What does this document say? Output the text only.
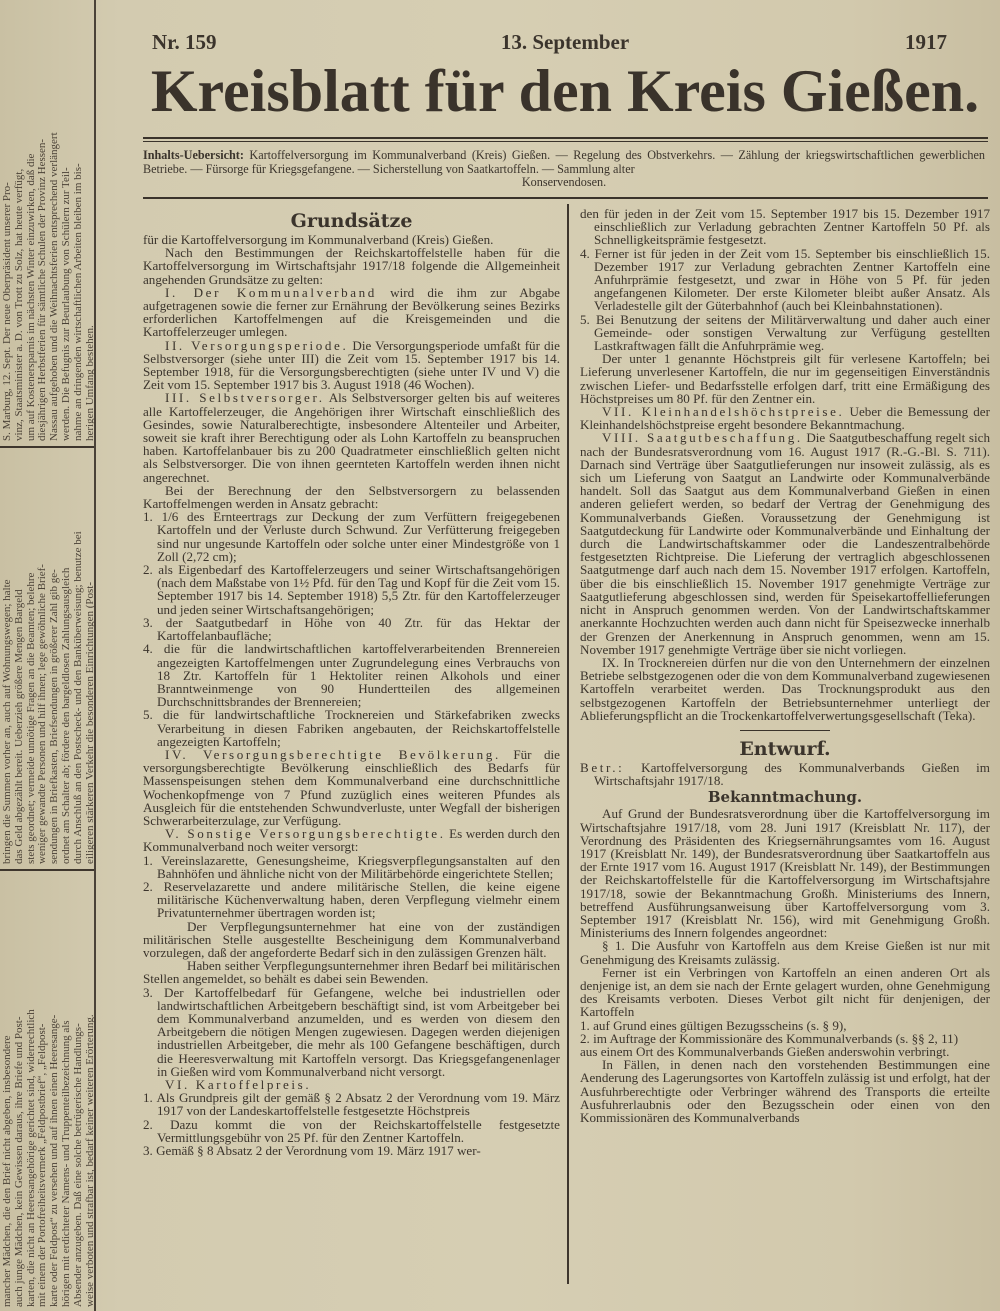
S. Marburg, 12. Sept. Der neue Oberpräsident unserer Pro- vinz, Staatsminister a. D. von Trott zu Solz, hat heute verfügt, um auf Kostenersparnis im nächsten Winter einzuwirken, daß die diesjährigen Herbstferien für sämtliche Schulen der Provinz Hessen- Nassau aufgehoben und die Weihnachtsferien entsprechend verlängert werden. Die Befugnis zur Beurlaubung von Schülern zur Teil- nahme an dringenden wirtschaftlichen Arbeiten bleiben im bis- herigen Umfang bestehen.
bringen die Summen vorher an, auch auf Wohnungswegen; halte das Geld abgezählt bereit. Ueberzieh größere Mengen Bargeld stets geordnet; vermeide unnötige Fragen an die Beamten; belehre weniger gewandte Personen und hilf ihnen; lege gewöhnliche Brief- sendungen in Briefkasten, Briefsendungen in größerer Zahl gib ge- ordnet am Schalter ab; fördere den bargeldlosen Zahlungsausgleich durch Anschluß an den Postscheck- und den Banküberweisung; benutze bei eiligeren stärkeren Verkehr die besonderen Einrichtungen (Post-
mancher Mädchen, die den Brief nicht abgeben, insbesondere auch junge Mädchen, kein Gewissen daraus, ihre Briefe und Post- karten, die nicht an Heeresangehörige gerichtet sind, widerrechtlich mit einem der Portofreiheitsvermerk „Feldpostbrief“, „Feldpost- karte oder Feldpost“ zu versehen und auf ihnen einen Heeresange- hörigen mit erdichteter Namens- und Truppenteilbezeichnung als Absender anzugeben. Daß eine solche betrügerische Handlungs- weise verboten und strafbar ist, bedarf keiner weiteren Erörterung.
Nr. 159	13. September	1917
Kreisblatt für den Kreis Gießen.
Inhalts-Uebersicht: Kartoffelversorgung im Kommunalverband (Kreis) Gießen. — Regelung des Obstverkehrs. — Zählung der kriegswirtschaftlichen gewerblichen Betriebe. — Fürsorge für Kriegsgefangene. — Sicherstellung von Saatkartoffeln. — Sammlung alter
Konservendosen.
Grundsätze

für die Kartoffelversorgung im Kommunalverband (Kreis) Gießen.

Nach den Bestimmungen der Reichskartoffelstelle haben für die Kartoffelversorgung im Wirtschaftsjahr 1917/18 folgende die Allgemeinheit angehenden Grundsätze zu gelten:

I. Der Kommunalverband wird die ihm zur Abgabe aufgetragenen sowie die ferner zur Ernährung der Bevölkerung seines Bezirks erforderlichen Kartoffelmengen auf die Kreisgemeinden und die Kartoffelerzeuger umlegen.

II. Versorgungsperiode. Die Versorgungsperiode umfaßt für die Selbstversorger (siehe unter III) die Zeit vom 15. September 1917 bis 14. September 1918, für die Versorgungsberechtigten (siehe unter IV und V) die Zeit vom 15. September 1917 bis 3. August 1918 (46 Wochen).

III. Selbstversorger. Als Selbstversorger gelten bis auf weiteres alle Kartoffelerzeuger, die Angehörigen ihrer Wirtschaft einschließlich des Gesindes, sowie Naturalberechtigte, insbesondere Altenteiler und Arbeiter, soweit sie kraft ihrer Berechtigung oder als Lohn Kartoffeln zu beanspruchen haben. Kartoffelanbauer bis zu 200 Quadratmeter einschließlich gelten nicht als Selbstversorger. Die von ihnen geernteten Kartoffeln werden ihnen nicht angerechnet.

Bei der Berechnung der den Selbstversorgern zu belassenden Kartoffelmengen werden in Ansatz gebracht:

1. 1/6 des Ernteertrags zur Deckung der zum Verfüttern freigegebenen Kartoffeln und der Verluste durch Schwund. Zur Verfütterung freigegeben sind nur ungesunde Kartoffeln oder solche unter einer Mindestgröße von 1 Zoll (2,72 cm);

2. als Eigenbedarf des Kartoffelerzeugers und seiner Wirtschaftsangehörigen (nach dem Maßstabe von 1½ Pfd. für den Tag und Kopf für die Zeit vom 15. September 1917 bis 14. September 1918) 5,5 Ztr. für den Kartoffelerzeuger und jeden seiner Wirtschaftsangehörigen;

3. der Saatgutbedarf in Höhe von 40 Ztr. für das Hektar der Kartoffelanbaufläche;

4. die für die landwirtschaftlichen kartoffelverarbeitenden Brennereien angezeigten Kartoffelmengen unter Zugrundelegung eines Verbrauchs von 18 Ztr. Kartoffeln für 1 Hektoliter reinen Alkohols und einer Branntweinmenge von 90 Hundertteilen des allgemeinen Durchschnittsbrandes der Brennereien;

5. die für landwirtschaftliche Trocknereien und Stärkefabriken zwecks Verarbeitung in diesen Fabriken angebauten, der Reichskartoffelstelle angezeigten Kartoffeln;

IV. Versorgungsberechtigte Bevölkerung. Für die versorgungsberechtigte Bevölkerung einschließlich des Bedarfs für Massenspeisungen stehen dem Kommunalverband eine durchschnittliche Wochenkopfmenge von 7 Pfund zuzüglich eines weiteren Pfundes als Ausgleich für die entstehenden Schwundverluste, unter Wegfall der bisherigen Schwerarbeiterzulage, zur Verfügung.

V. Sonstige Versorgungsberechtigte. Es werden durch den Kommunalverband noch weiter versorgt:

1. Vereinslazarette, Genesungsheime, Kriegsverpflegungsanstalten auf den Bahnhöfen und ähnliche nicht von der Militärbehörde eingerichtete Stellen;

2. Reservelazarette und andere militärische Stellen, die keine eigene militärische Küchenverwaltung haben, deren Verpflegung vielmehr einem Privatunternehmer übertragen worden ist;

Der Verpflegungsunternehmer hat eine von der zuständigen militärischen Stelle ausgestellte Bescheinigung dem Kommunalverband vorzulegen, daß der angeforderte Bedarf sich in den zulässigen Grenzen hält.

Haben seither Verpflegungsunternehmer ihren Bedarf bei militärischen Stellen angemeldet, so behält es dabei sein Bewenden.

3. Der Kartoffelbedarf für Gefangene, welche bei industriellen oder landwirtschaftlichen Arbeitgebern beschäftigt sind, ist vom Arbeitgeber bei dem Kommunalverband anzumelden, und es werden von diesem den Arbeitgebern die nötigen Mengen zugewiesen. Dagegen werden diejenigen industriellen Arbeitgeber, die mehr als 100 Gefangene beschäftigen, durch die Heeresverwaltung mit Kartoffeln versorgt. Das Kriegsgefangenenlager in Gießen wird vom Kommunalverband nicht versorgt.

VI. Kartoffelpreis.

1. Als Grundpreis gilt der gemäß § 2 Absatz 2 der Verordnung vom 19. März 1917 von der Landeskartoffelstelle festgesetzte Höchstpreis

2. Dazu kommt die von der Reichskartoffelstelle festgesetzte Vermittlungsgebühr von 25 Pf. für den Zentner Kartoffeln.

3. Gemäß § 8 Absatz 2 der Verordnung vom 19. März 1917 wer-

den für jeden in der Zeit vom 15. September 1917 bis 15. Dezember 1917 einschließlich zur Verladung gebrachten Zentner Kartoffeln 50 Pf. als Schnelligkeitsprämie festgesetzt.

4. Ferner ist für jeden in der Zeit vom 15. September bis einschließlich 15. Dezember 1917 zur Verladung gebrachten Zentner Kartoffeln eine Anfuhrprämie festgesetzt, und zwar in Höhe von 5 Pf. für jeden angefangenen Kilometer. Der erste Kilometer bleibt außer Ansatz. Als Verladestelle gilt der Güterbahnhof (auch bei Kleinbahnstationen).

5. Bei Benutzung der seitens der Militärverwaltung und daher auch einer Gemeinde- oder sonstigen Verwaltung zur Verfügung gestellten Lastkraftwagen fällt die Anfuhrprämie weg.

Der unter 1 genannte Höchstpreis gilt für verlesene Kartoffeln; bei Lieferung unverlesener Kartoffeln, die nur im gegenseitigen Einverständnis zwischen Liefer- und Bedarfsstelle erfolgen darf, tritt eine Ermäßigung des Höchstpreises um 80 Pf. für den Zentner ein.

VII. Kleinhandelshöchstpreise. Ueber die Bemessung der Kleinhandelshöchstpreise ergeht besondere Bekanntmachung.

VIII. Saatgutbeschaffung. Die Saatgutbeschaffung regelt sich nach der Bundesratsverordnung vom 16. August 1917 (R.-G.-Bl. S. 711). Darnach sind Verträge über Saatgutlieferungen nur insoweit zulässig, als es sich um Lieferung von Saatgut an Landwirte oder Kommunalverbände handelt. Soll das Saatgut aus dem Kommunalverband Gießen in einen anderen geliefert werden, so bedarf der Vertrag der Genehmigung des Kommunalverbands Gießen. Voraussetzung der Genehmigung ist Saatgutdeckung für Landwirte oder Kommunalverbände und Einhaltung der durch die Landwirtschaftskammer oder die Landeszentralbehörde festgesetzten Richtpreise. Die Lieferung der vertraglich abgeschlossenen Saatgutmenge darf auch nach dem 15. November 1917 erfolgen. Kartoffeln, über die bis einschließlich 15. November 1917 genehmigte Verträge zur Saatgutlieferung abgeschlossen sind, werden für Speisekartoffellieferungen nicht in Anspruch genommen werden. Von der Landwirtschaftskammer anerkannte Hochzuchten werden auch dann nicht für Speisezwecke innerhalb der Grenzen der Anerkennung in Anspruch genommen, wenn am 15. November 1917 genehmigte Verträge über sie nicht vorliegen.

IX. In Trocknereien dürfen nur die von den Unternehmern der einzelnen Betriebe selbstgezogenen oder die von dem Kommunalverband zugewiesenen Kartoffeln verarbeitet werden. Das Trocknungsprodukt aus den selbstgezogenen Kartoffeln der Betriebsunternehmer unterliegt der Ablieferungspflicht an die Trockenkartoffelverwertungsgesellschaft (Teka).

Entwurf.

Betr.: Kartoffelversorgung des Kommunalverbands Gießen im Wirtschaftsjahr 1917/18.

Bekanntmachung.

Auf Grund der Bundesratsverordnung über die Kartoffelversorgung im Wirtschaftsjahre 1917/18, vom 28. Juni 1917 (Kreisblatt Nr. 117), der Verordnung des Präsidenten des Kriegsernährungsamtes vom 16. August 1917 (Kreisblatt Nr. 149), der Bundesratsverordnung über Saatkartoffeln aus der Ernte 1917 vom 16. August 1917 (Kreisblatt Nr. 149), der Bestimmungen der Reichskartoffelstelle für die Kartoffelversorgung im Wirtschaftsjahre 1917/18, sowie der Bekanntmachung Großh. Ministeriums des Innern, betreffend Ausführungsanweisung über Kartoffelversorgung vom 3. September 1917 (Kreisblatt Nr. 156), wird mit Genehmigung Großh. Ministeriums des Innern folgendes angeordnet:

§ 1. Die Ausfuhr von Kartoffeln aus dem Kreise Gießen ist nur mit Genehmigung des Kreisamts zulässig.

Ferner ist ein Verbringen von Kartoffeln an einen anderen Ort als denjenige ist, an dem sie nach der Ernte gelagert wurden, ohne Genehmigung des Kreisamts verboten. Dieses Verbot gilt nicht für denjenigen, der Kartoffeln

1. auf Grund eines gültigen Bezugsscheins (s. § 9),

2. im Auftrage der Kommissionäre des Kommunalverbands (s. §§ 2, 11)

aus einem Ort des Kommunalverbands Gießen anderswohin verbringt.

In Fällen, in denen nach den vorstehenden Bestimmungen eine Aenderung des Lagerungsortes von Kartoffeln zulässig ist und erfolgt, hat der Ausfuhrberechtigte oder Verbringer während des Transports die erteilte Ausfuhrerlaubnis oder den Bezugsschein oder einen von den Kommissionären des Kommunalverbands
